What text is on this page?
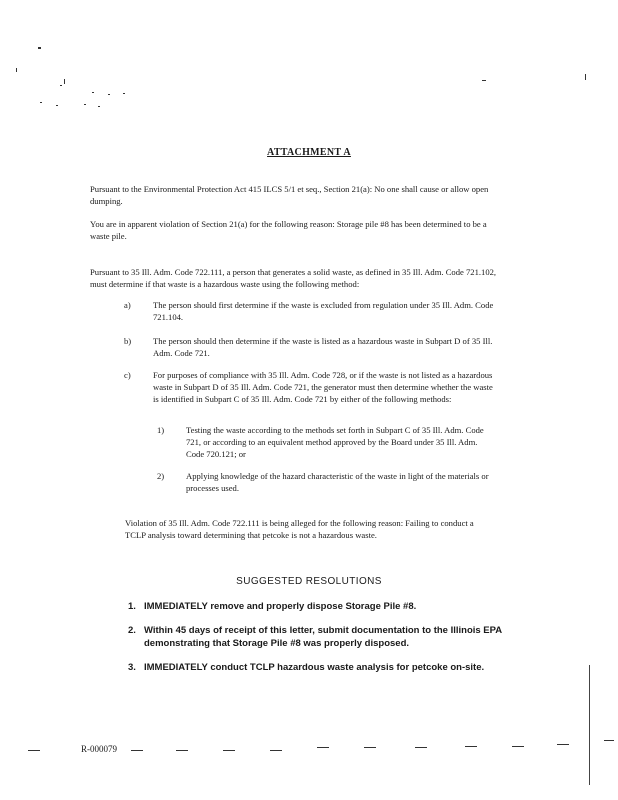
ATTACHMENT A
Pursuant to the Environmental Protection Act 415 ILCS 5/1 et seq., Section 21(a): No one shall cause or allow open dumping.
You are in apparent violation of Section 21(a) for the following reason: Storage pile #8 has been determined to be a waste pile.
Pursuant to 35 Ill. Adm. Code 722.111, a person that generates a solid waste, as defined in 35 Ill. Adm. Code 721.102, must determine if that waste is a hazardous waste using the following method:
a)	The person should first determine if the waste is excluded from regulation under 35 Ill. Adm. Code 721.104.
b)	The person should then determine if the waste is listed as a hazardous waste in Subpart D of 35 Ill. Adm. Code 721.
c)	For purposes of compliance with 35 Ill. Adm. Code 728, or if the waste is not listed as a hazardous waste in Subpart D of 35 Ill. Adm. Code 721, the generator must then determine whether the waste is identified in Subpart C of 35 Ill. Adm. Code 721 by either of the following methods:
1)	Testing the waste according to the methods set forth in Subpart C of 35 Ill. Adm. Code 721, or according to an equivalent method approved by the Board under 35 Ill. Adm. Code 720.121; or
2)	Applying knowledge of the hazard characteristic of the waste in light of the materials or processes used.
Violation of 35 Ill. Adm. Code 722.111 is being alleged for the following reason: Failing to conduct a TCLP analysis toward determining that petcoke is not a hazardous waste.
SUGGESTED RESOLUTIONS
1. IMMEDIATELY remove and properly dispose Storage Pile #8.
2. Within 45 days of receipt of this letter, submit documentation to the Illinois EPA demonstrating that Storage Pile #8 was properly disposed.
3. IMMEDIATELY conduct TCLP hazardous waste analysis for petcoke on-site.
R-000079
